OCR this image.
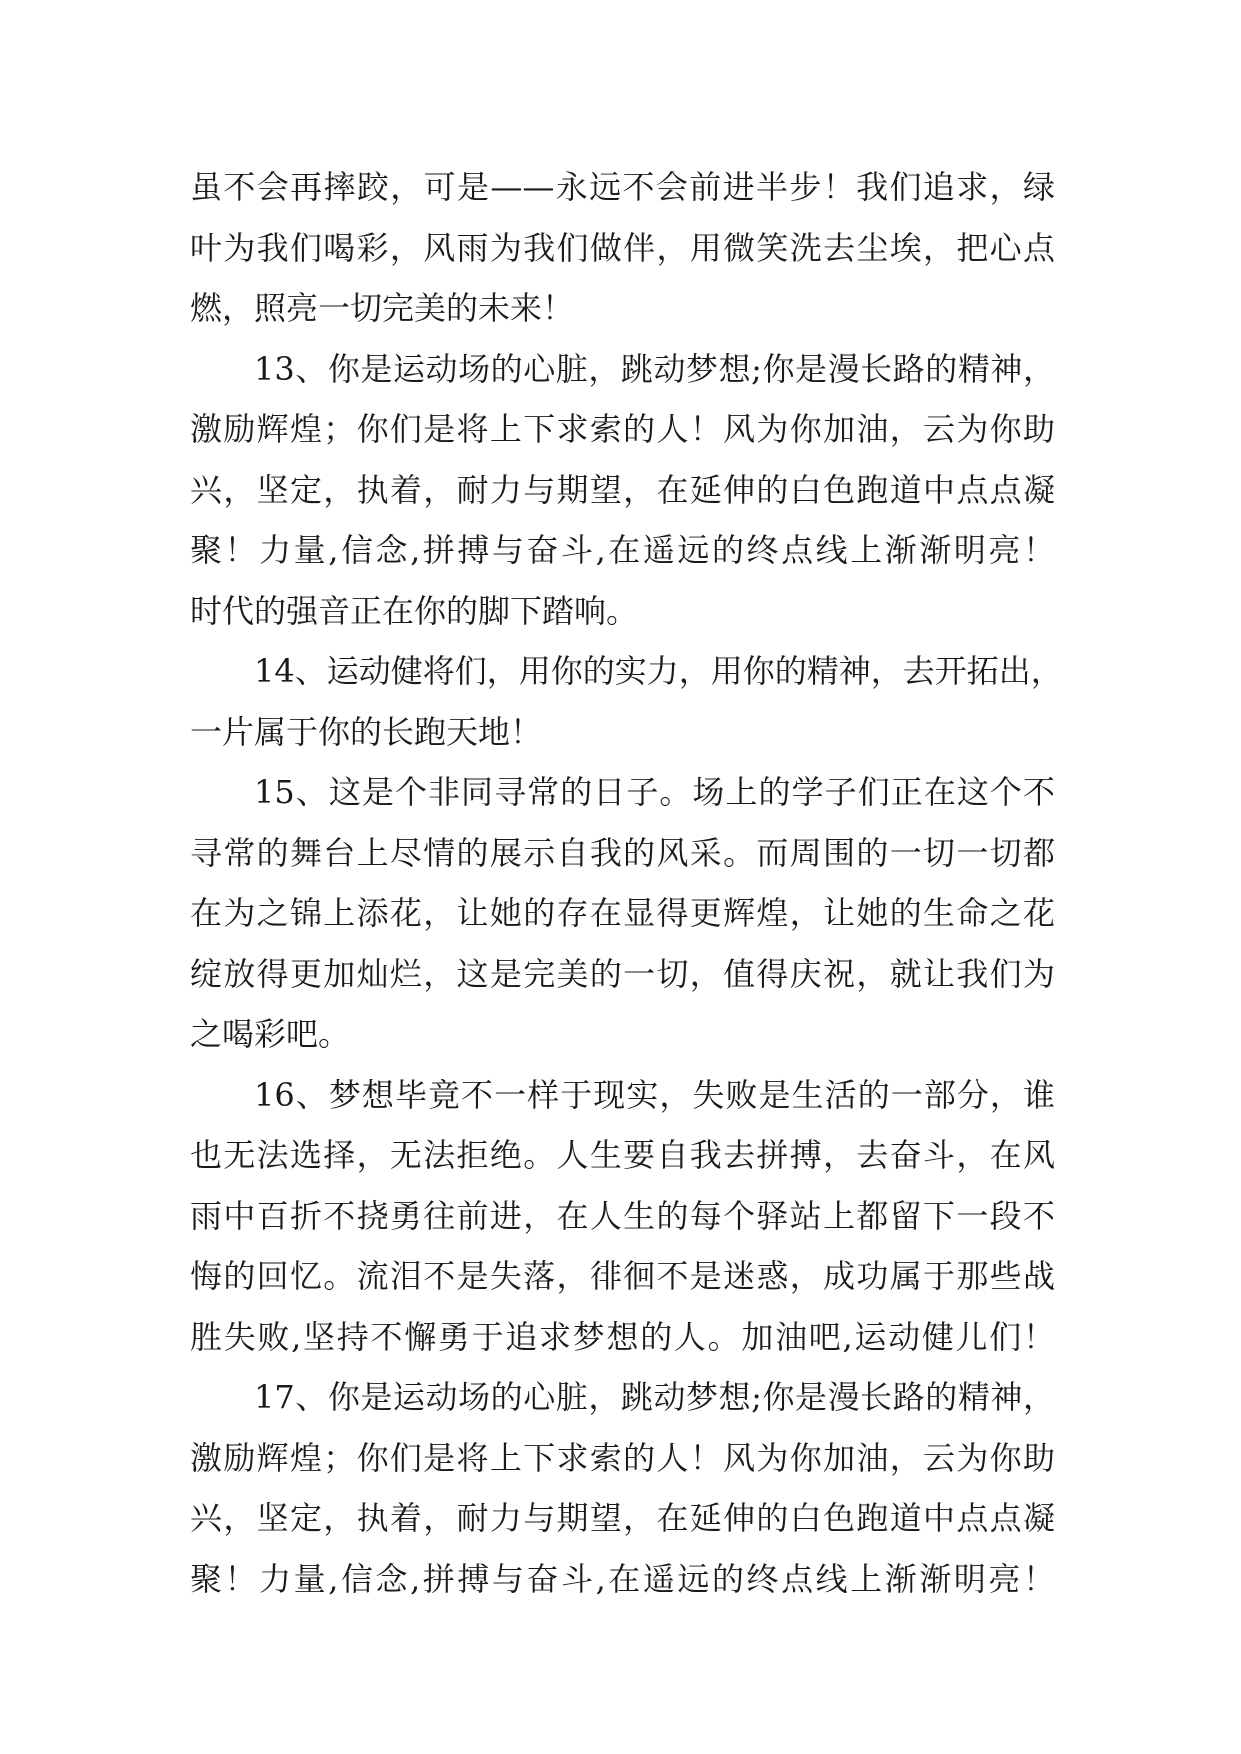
虽不会再摔跤，可是——永远不会前进半步！我们追求，绿
叶为我们喝彩，风雨为我们做伴，用微笑洗去尘埃，把心点
燃，照亮一切完美的未来！
13、你是运动场的心脏，跳动梦想;你是漫长路的精神，
激励辉煌；你们是将上下求索的人！风为你加油，云为你助
兴，坚定，执着，耐力与期望，在延伸的白色跑道中点点凝
聚！力量,信念,拼搏与奋斗,在遥远的终点线上渐渐明亮！
时代的强音正在你的脚下踏响。
14、运动健将们，用你的实力，用你的精神，去开拓出，
一片属于你的长跑天地！
15、这是个非同寻常的日子。场上的学子们正在这个不
寻常的舞台上尽情的展示自我的风采。而周围的一切一切都
在为之锦上添花，让她的存在显得更辉煌，让她的生命之花
绽放得更加灿烂，这是完美的一切，值得庆祝，就让我们为
之喝彩吧。
16、梦想毕竟不一样于现实，失败是生活的一部分，谁
也无法选择，无法拒绝。人生要自我去拼搏，去奋斗，在风
雨中百折不挠勇往前进，在人生的每个驿站上都留下一段不
悔的回忆。流泪不是失落，徘徊不是迷惑，成功属于那些战
胜失败,坚持不懈勇于追求梦想的人。加油吧,运动健儿们！
17、你是运动场的心脏，跳动梦想;你是漫长路的精神，
激励辉煌；你们是将上下求索的人！风为你加油，云为你助
兴，坚定，执着，耐力与期望，在延伸的白色跑道中点点凝
聚！力量,信念,拼搏与奋斗,在遥远的终点线上渐渐明亮！
